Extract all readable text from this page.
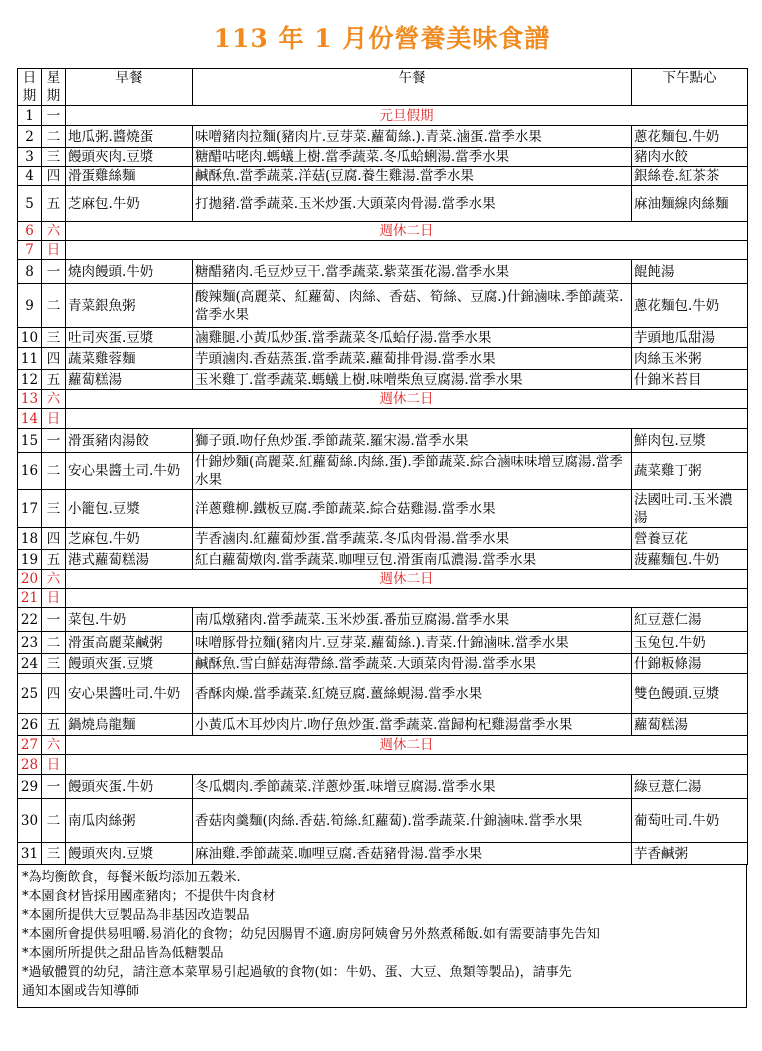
113 年 1 月份營養美味食譜
日期	星期	早餐	午餐	下午點心
1	一	元旦假期		
2	二	地瓜粥.醬燒蛋	味噌豬肉拉麵(豬肉片.豆芽菜.蘿蔔絲.).青菜.滷蛋.當季水果	蔥花麵包.牛奶
3	三	饅頭夾肉.豆漿	糖醋咕咾肉.螞蟻上樹.當季蔬菜.冬瓜蛤蜊湯.當季水果	豬肉水餃
4	四	滑蛋雞絲麵	鹹酥魚.當季蔬菜.洋菇(豆腐.養生雞湯.當季水果	銀絲卷.紅茶茶
5	五	芝麻包.牛奶	打拋豬.當季蔬菜.玉米炒蛋.大頭菜肉骨湯.當季水果	麻油麵線肉絲麵
6	六	週休二日		
7	日			
8	一	燒肉饅頭.牛奶	糖醋豬肉.毛豆炒豆干.當季蔬菜.紫菜蛋花湯.當季水果	餛飩湯
9	二	青菜銀魚粥	酸辣麵(高麗菜、紅蘿蔔、肉絲、香菇、筍絲、豆腐.)什錦滷味.季節蔬菜.當季水果	蔥花麵包.牛奶
10	三	吐司夾蛋.豆漿	滷雞腿.小黃瓜炒蛋.當季蔬菜冬瓜蛤仔湯.當季水果	芋頭地瓜甜湯
11	四	蔬菜雞蓉麵	芋頭滷肉.香菇蒸蛋.當季蔬菜.蘿蔔排骨湯.當季水果	肉絲玉米粥
12	五	蘿蔔糕湯	玉米雞丁.當季蔬菜.螞蟻上樹.味噌柴魚豆腐湯.當季水果	什錦米苔目
13	六	週休二日		
14	日			
15	一	滑蛋豬肉湯餃	獅子頭.吻仔魚炒蛋.季節蔬菜.羅宋湯.當季水果	鮮肉包.豆漿
16	二	安心果醬土司.牛奶	什錦炒麵(高麗菜.紅蘿蔔絲.肉絲.蛋).季節蔬菜.綜合滷味味增豆腐湯.當季水果	蔬菜雞丁粥
17	三	小籠包.豆漿	洋蔥雞柳.鐵板豆腐.季節蔬菜.綜合菇雞湯.當季水果	法國吐司.玉米濃湯
18	四	芝麻包.牛奶	芋香滷肉.紅蘿蔔炒蛋.當季蔬菜.冬瓜肉骨湯.當季水果	營養豆花
19	五	港式蘿蔔糕湯	紅白蘿蔔燉肉.當季蔬菜.咖哩豆包.滑蛋南瓜濃湯.當季水果	菠蘿麵包.牛奶
20	六	週休二日		
21	日			
22	一	菜包.牛奶	南瓜燉豬肉.當季蔬菜.玉米炒蛋.番茄豆腐湯.當季水果	紅豆薏仁湯
23	二	滑蛋高麗菜鹹粥	味噌豚骨拉麵(豬肉片.豆芽菜.蘿蔔絲.).青菜.什錦滷味.當季水果	玉兔包.牛奶
24	三	饅頭夾蛋.豆漿	鹹酥魚.雪白鮮菇海帶絲.當季蔬菜.大頭菜肉骨湯.當季水果	什錦粄條湯
25	四	安心果醬吐司.牛奶	香酥肉燥.當季蔬菜.紅燒豆腐.薑絲蜆湯.當季水果	雙色饅頭.豆漿
26	五	鍋燒烏龍麵	小黃瓜木耳炒肉片.吻仔魚炒蛋.當季蔬菜.當歸枸杞雞湯當季水果	蘿蔔糕湯
27	六	週休二日		
28	日			
29	一	饅頭夾蛋.牛奶	冬瓜燜肉.季節蔬菜.洋蔥炒蛋.味增豆腐湯.當季水果	綠豆薏仁湯
30	二	南瓜肉絲粥	香菇肉羹麵(肉絲.香菇.筍絲.紅蘿蔔).當季蔬菜.什錦滷味.當季水果	葡萄吐司.牛奶
31	三	饅頭夾肉.豆漿	麻油雞.季節蔬菜.咖哩豆腐.香菇豬骨湯.當季水果	芋香鹹粥
*為均衡飲食，每餐米飯均添加五穀米.
*本園食材皆採用國產豬肉；不提供牛肉食材
*本園所提供大豆製品為非基因改造製品
*本園所會提供易咀嚼.易消化的食物；幼兒因腸胃不適.廚房阿姨會另外熬煮稀飯.如有需要請事先告知
*本園所所提供之甜品皆為低糖製品
*過敏體質的幼兒，請注意本菜單易引起過敏的食物(如：牛奶、蛋、大豆、魚類等製品)，請事先
通知本園或告知導師
